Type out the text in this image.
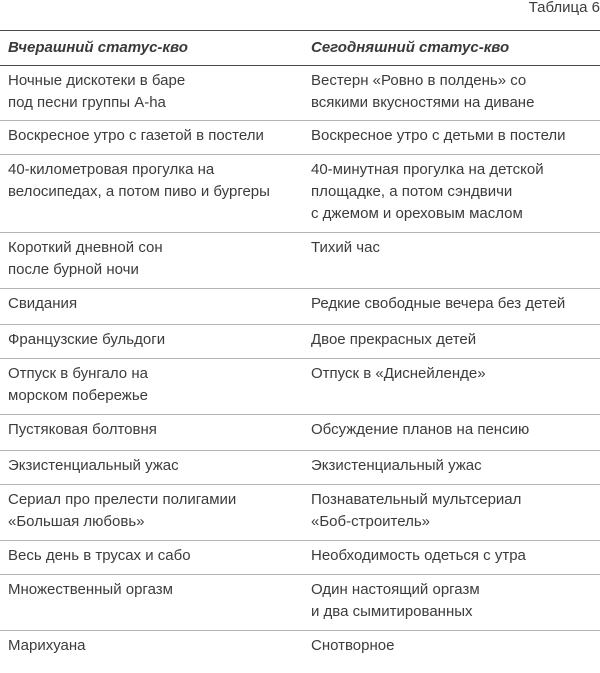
Таблица 6
Вчерашний статус-кво	Сегодняшний статус-кво

Ночные дискотеки в баре
под песни группы A-ha	Вестерн «Ровно в полдень» со
всякими вкусностями на диване

Воскресное утро с газетой в постели	Воскресное утро с детьми в постели

40-километровая прогулка на
велосипедах, а потом пиво и бургеры	40-минутная прогулка на детской
площадке, а потом сэндвичи
с джемом и ореховым маслом

Короткий дневной сон
после бурной ночи	Тихий час

Свидания	Редкие свободные вечера без детей

Французские бульдоги	Двое прекрасных детей

Отпуск в бунгало на
морском побережье	Отпуск в «Диснейленде»

Пустяковая болтовня	Обсуждение планов на пенсию

Экзистенциальный ужас	Экзистенциальный ужас

Сериал про прелести полигамии
«Большая любовь»	Познавательный мультсериал
«Боб-строитель»

Весь день в трусах и сабо	Необходимость одеться с утра

Множественный оргазм	Один настоящий оргазм
и два сымитированных

Марихуана	Снотворное
